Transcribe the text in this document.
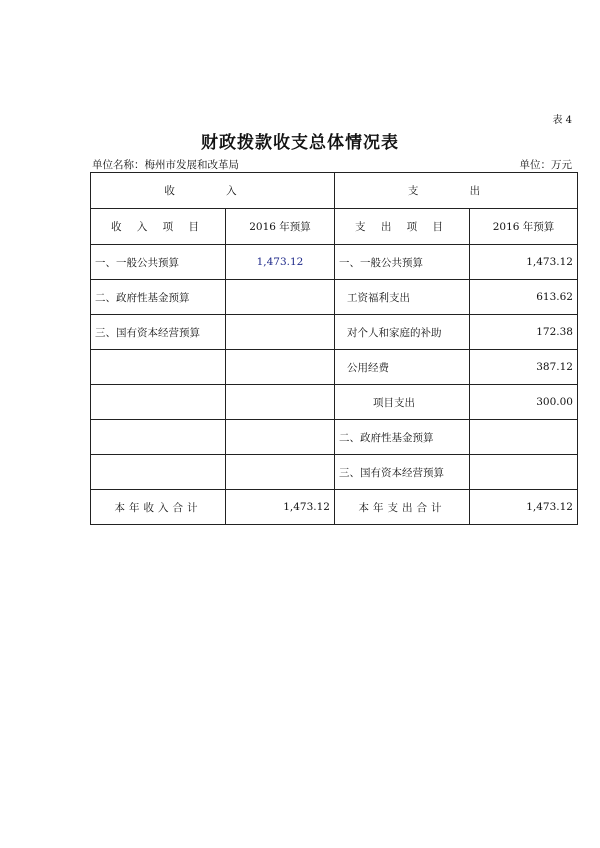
表 4
财政拨款收支总体情况表
单位名称：梅州市发展和改革局	单位：万元
收 入		支 出	
收 入 项 目	2016 年预算	支 出 项 目	2016 年预算
一、一般公共预算	1,473.12	一、一般公共预算	1,473.12
二、政府性基金预算		工资福利支出	613.62
三、国有资本经营预算		对个人和家庭的补助	172.38
		公用经费	387.12
		项目支出	300.00
		二、政府性基金预算	
		三、国有资本经营预算	
本年收入合计	1,473.12	本年支出合计	1,473.12
